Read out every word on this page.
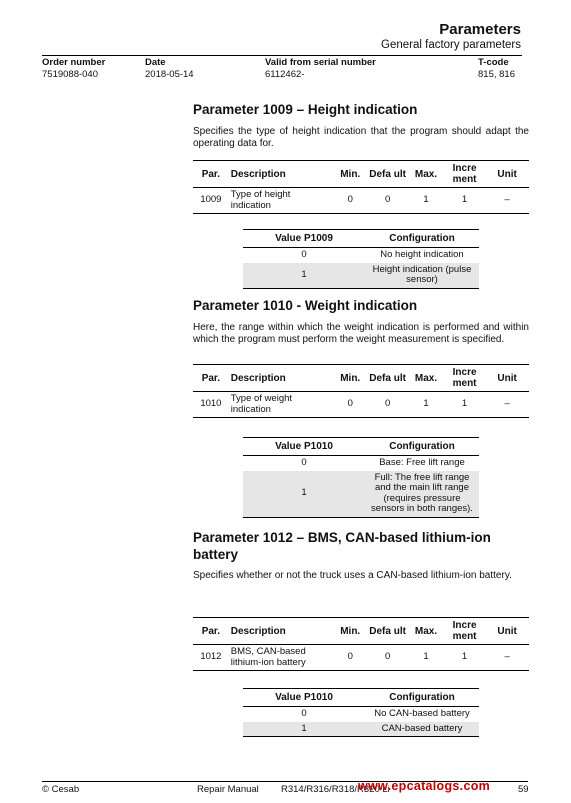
Parameters
General factory parameters
Order number
7519088-040
Date
2018-05-14
Valid from serial number
6112462-
T-code
815, 816
Parameter 1009 – Height indication
Specifies the type of height indication that the program should adapt the operating data for.
Par.	Description	Min.	Defa ult	Max.	Incre ment	Unit
1009	Type of height indication	0	0	1	1	–
Value P1009	Configuration
0	No height indication
1	Height indication (pulse sensor)
Parameter 1010 - Weight indication
Here, the range within which the weight indication is performed and within which the program must perform the weight measurement is specified.
Par.	Description	Min.	Defa ult	Max.	Incre ment	Unit
1010	Type of weight indication	0	0	1	1	–
Value P1010	Configuration
0	Base: Free lift range
1	Full: The free lift range and the main lift range (requires pressure sensors in both ranges).
Parameter 1012 – BMS, CAN-based lithium-ion battery
Specifies whether or not the truck uses a CAN-based lithium-ion battery.
Par.	Description	Min.	Defa ult	Max.	Incre ment	Unit
1012	BMS, CAN-based lithium-ion battery	0	0	1	1	–
Value P1010	Configuration
0	No CAN-based battery
1	CAN-based battery
© Cesab	Repair Manual R314/R316/R318/R320 Li	59
www.epcatalogs.com
